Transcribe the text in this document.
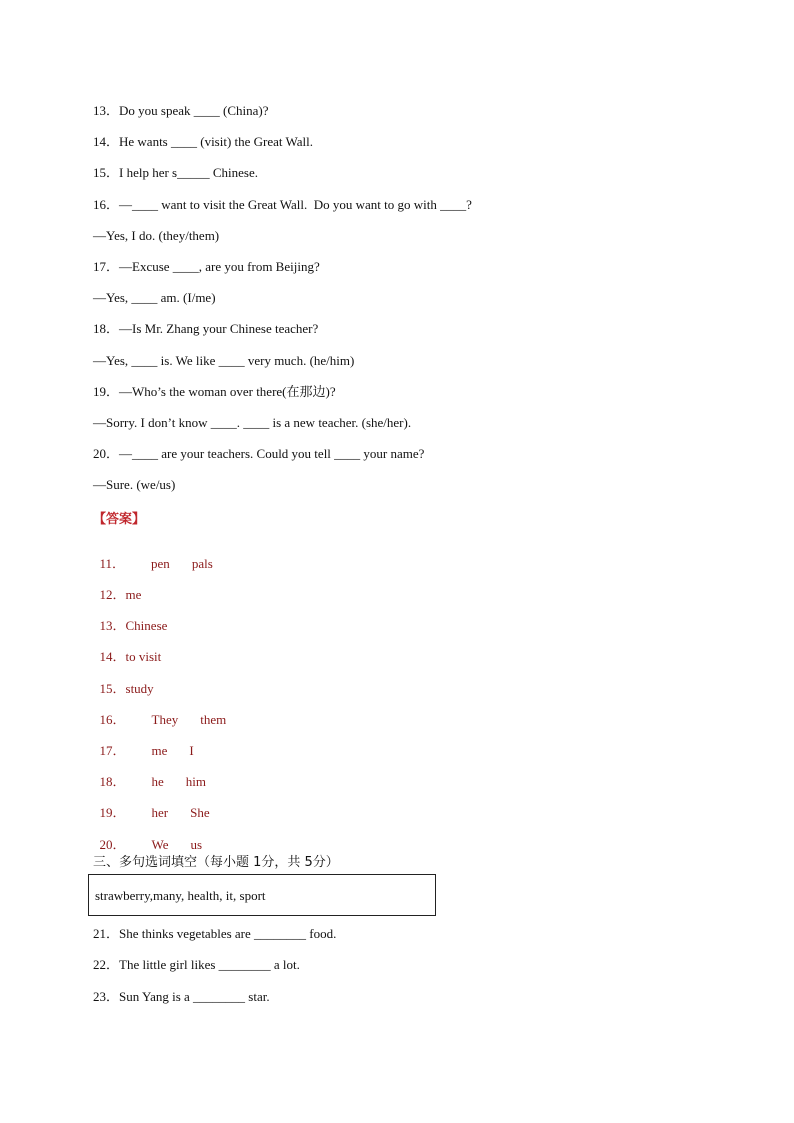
13．Do you speak ____ (China)?
14．He wants ____ (visit) the Great Wall.
15．I help her s_____ Chinese.
16．—____ want to visit the Great Wall.  Do you want to go with ____?
—Yes, I do. (they/them)
17．—Excuse ____, are you from Beijing?
—Yes, ____ am. (I/me)
18．—Is Mr. Zhang your Chinese teacher?
—Yes, ____ is. We like ____ very much. (he/him)
19．—Who’s the woman over there(在那边)?
—Sorry. I don’t know ____. ____ is a new teacher. (she/her).
20．—____ are your teachers. Could you tell ____ your name?
—Sure. (we/us)
【答案】

11． pen pals

12．me

13．Chinese

14．to visit

15．study

16． They them

17． me I

18． he him

19． her She

20． We us

三、多句选词填空（每小题 1分，共 5分）
strawberry,many, health, it, sport
21．She thinks vegetables are ________ food.
22．The little girl likes ________ a lot.
23．Sun Yang is a ________ star.
